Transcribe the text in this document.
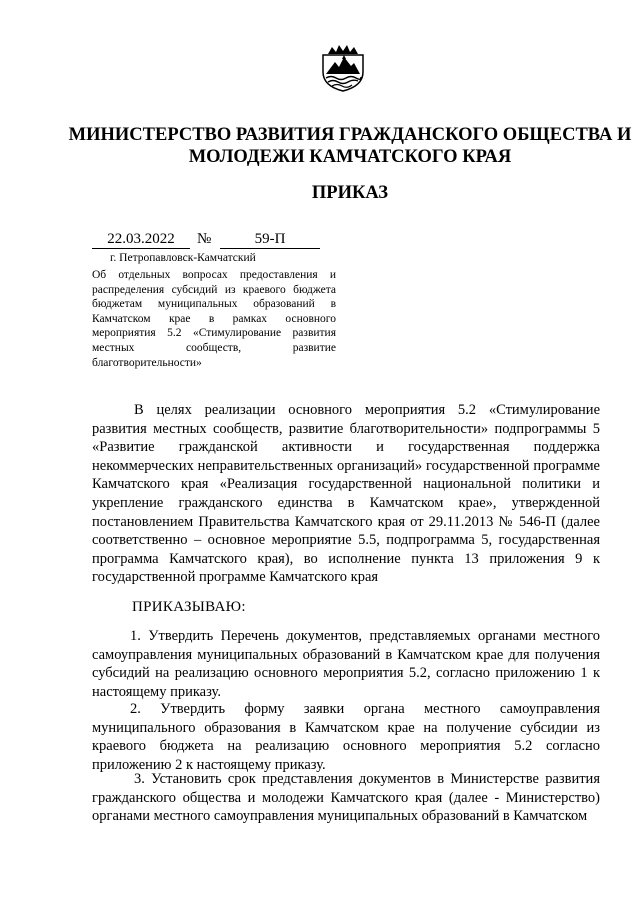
МИНИСТЕРСТВО РАЗВИТИЯ ГРАЖДАНСКОГО ОБЩЕСТВА И МОЛОДЕЖИ КАМЧАТСКОГО КРАЯ
ПРИКАЗ
22.03.2022	№	59-П
г. Петропавловск-Камчатский
Об отдельных вопросах предоставления и распределения субсидий из краевого бюджета бюджетам муниципальных образований в Камчатском крае в рамках основного мероприятия 5.2 «Стимулирование развития местных сообществ, развитие благотворительности»

В целях реализации основного мероприятия 5.2 «Стимулирование развития местных сообществ, развитие благотворительности» подпрограммы 5 «Развитие гражданской активности и государственная поддержка некоммерческих неправительственных организаций» государственной программе Камчатского края «Реализация государственной национальной политики и укрепление гражданского единства в Камчатском крае», утвержденной постановлением Правительства Камчатского края от 29.11.2013 № 546-П (далее соответственно – основное мероприятие 5.5, подпрограмма 5, государственная программа Камчатского края), во исполнение пункта 13 приложения 9 к государственной программе Камчатского края

ПРИКАЗЫВАЮ:

1. Утвердить Перечень документов, представляемых органами местного самоуправления муниципальных образований в Камчатском крае для получения субсидий на реализацию основного мероприятия 5.2, согласно приложению 1 к настоящему приказу.

2. Утвердить форму заявки органа местного самоуправления муниципального образования в Камчатском крае на получение субсидии из краевого бюджета на реализацию основного мероприятия 5.2 согласно приложению 2 к настоящему приказу.

3. Установить срок представления документов в Министерстве развития гражданского общества и молодежи Камчатского края (далее - Министерство) органами местного самоуправления муниципальных образований в Камчатском
